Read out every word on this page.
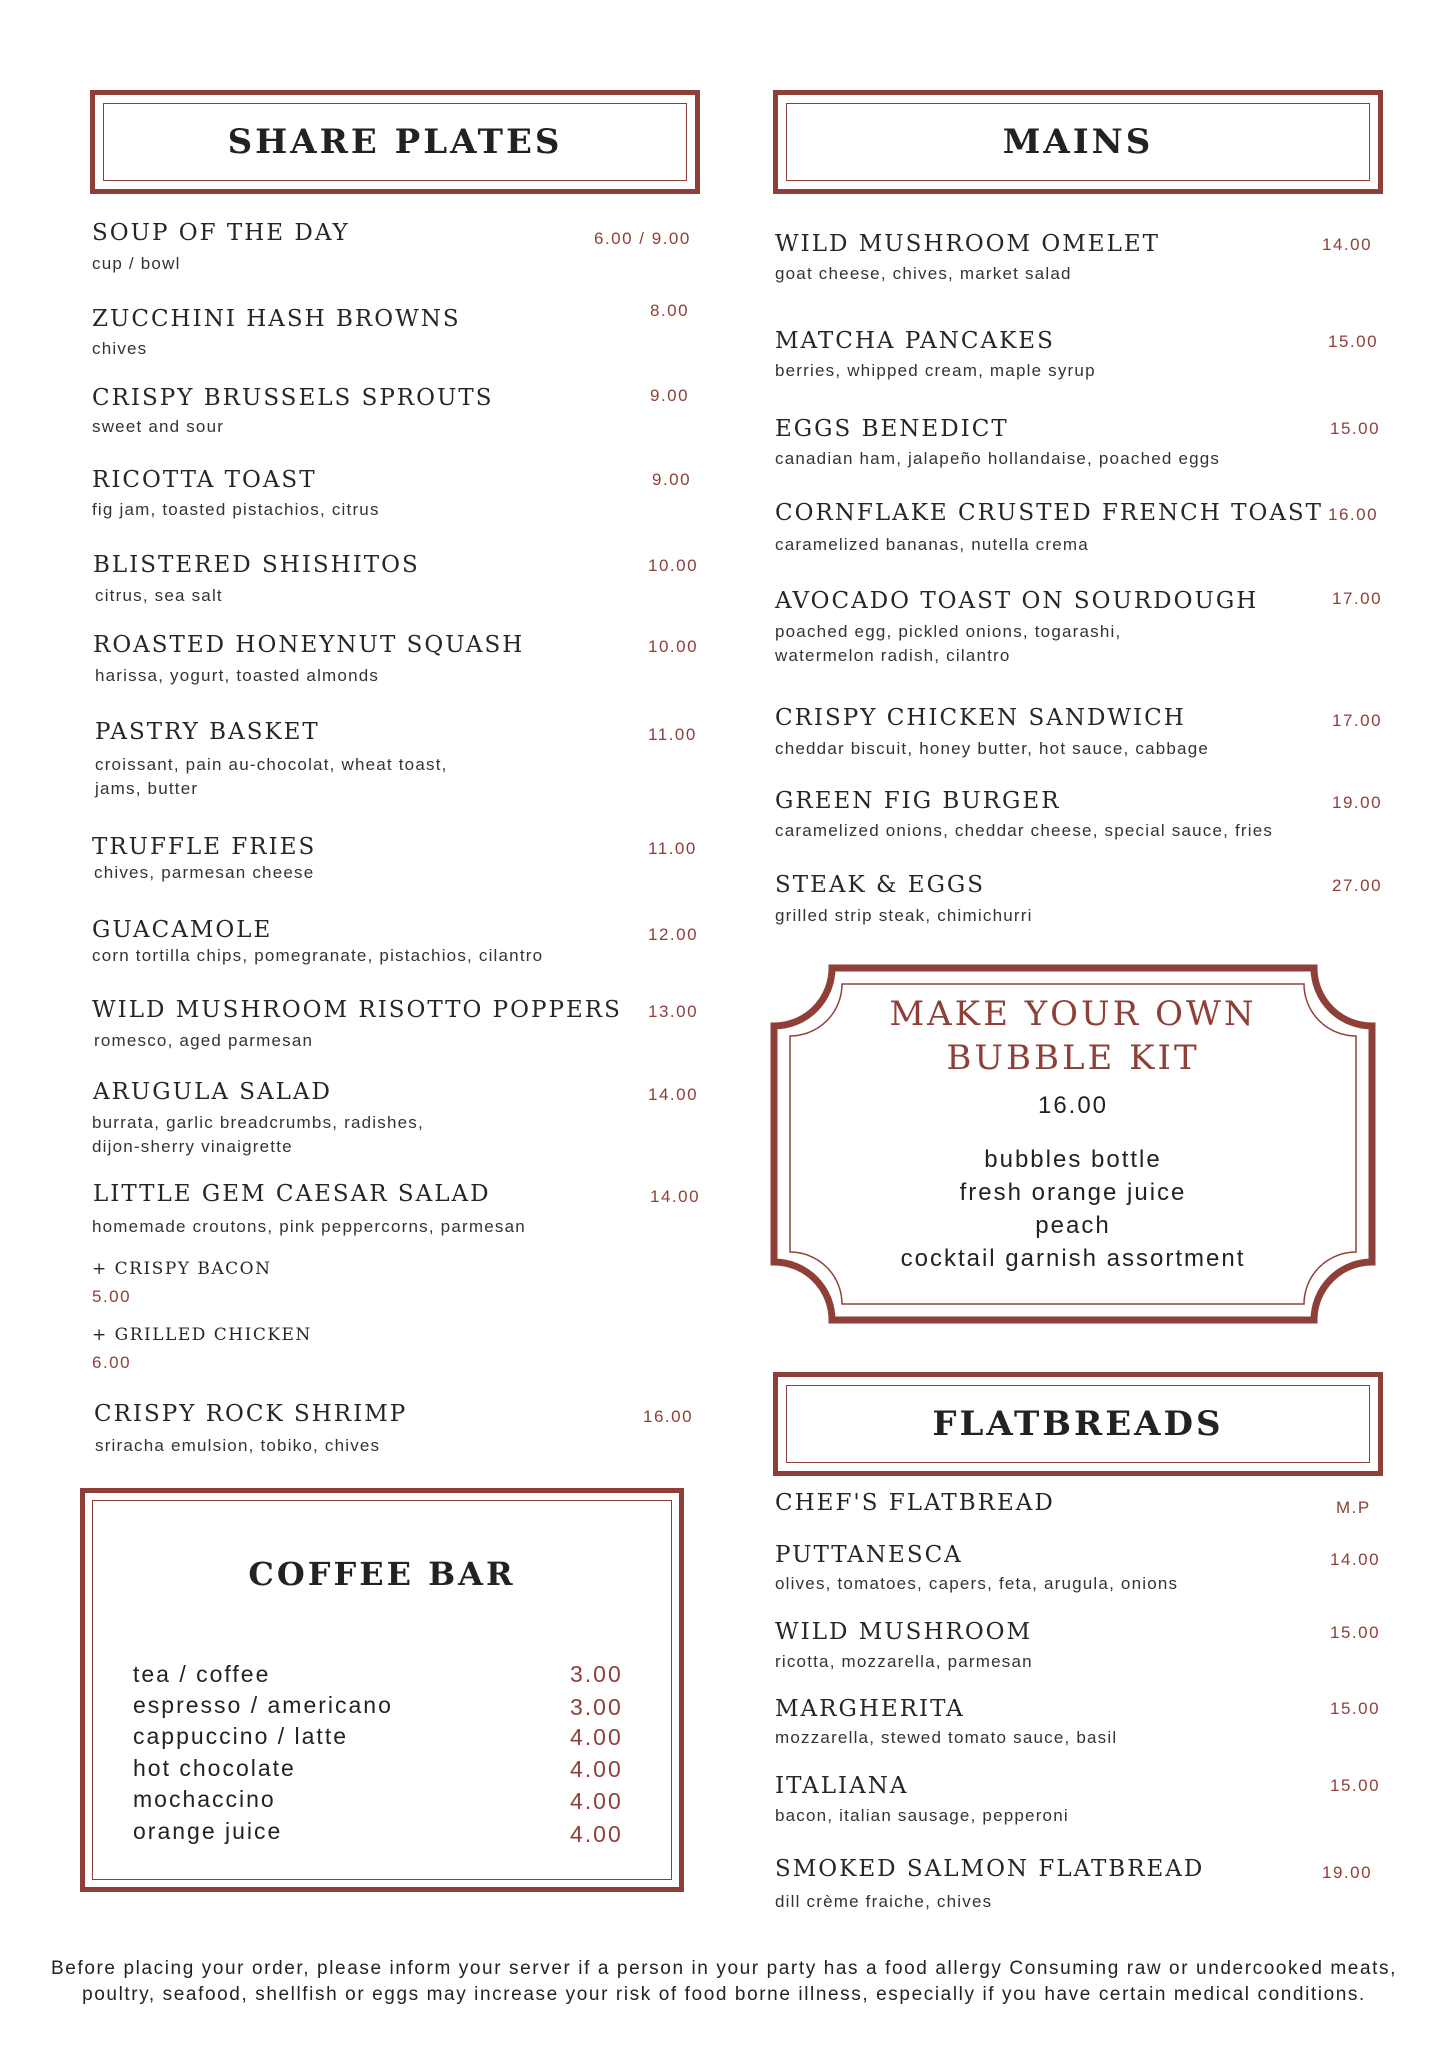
SHARE PLATES	MAINS
SOUP OF THE DAY
cup / bowl
6.00 / 9.00
ZUCCHINI HASH BROWNS
chives
8.00
CRISPY BRUSSELS SPROUTS
sweet and sour
9.00
RICOTTA TOAST
fig jam, toasted pistachios, citrus
9.00
BLISTERED SHISHITOS
citrus, sea salt
10.00
ROASTED HONEYNUT SQUASH
harissa, yogurt, toasted almonds
10.00
PASTRY BASKET
croissant, pain au-chocolat, wheat toast,
jams, butter
11.00
TRUFFLE FRIES
chives, parmesan cheese
11.00
GUACAMOLE
corn tortilla chips, pomegranate, pistachios, cilantro
12.00
WILD MUSHROOM RISOTTO POPPERS
romesco, aged parmesan
13.00
ARUGULA SALAD
burrata, garlic breadcrumbs, radishes,
dijon-sherry vinaigrette
14.00
LITTLE GEM CAESAR SALAD
homemade croutons, pink peppercorns, parmesan
14.00
+ CRISPY BACON
5.00
+ GRILLED CHICKEN
6.00
CRISPY ROCK SHRIMP
sriracha emulsion, tobiko, chives
16.00
WILD MUSHROOM OMELET
goat cheese, chives, market salad
14.00
MATCHA PANCAKES
berries, whipped cream, maple syrup
15.00
EGGS BENEDICT
canadian ham, jalapeño hollandaise, poached eggs
15.00
CORNFLAKE CRUSTED FRENCH TOAST
caramelized bananas, nutella crema
16.00
AVOCADO TOAST ON SOURDOUGH
poached egg, pickled onions, togarashi,
watermelon radish, cilantro
17.00
CRISPY CHICKEN SANDWICH
cheddar biscuit, honey butter, hot sauce, cabbage
17.00
GREEN FIG BURGER
caramelized onions, cheddar cheese, special sauce, fries
19.00
STEAK & EGGS
grilled strip steak, chimichurri
27.00
MAKE YOUR OWN
BUBBLE KIT
16.00
bubbles bottle
fresh orange juice
peach
cocktail garnish assortment
FLATBREADS
CHEF'S FLATBREAD	M.P
PUTTANESCA
olives, tomatoes, capers, feta, arugula, onions
14.00
WILD MUSHROOM
ricotta, mozzarella, parmesan
15.00
MARGHERITA
mozzarella, stewed tomato sauce, basil
15.00
ITALIANA
bacon, italian sausage, pepperoni
15.00
SMOKED SALMON FLATBREAD
dill crème fraiche, chives
19.00
COFFEE BAR
tea / coffee	3.00
espresso / americano	3.00
cappuccino / latte	4.00
hot chocolate	4.00
mochaccino	4.00
orange juice	4.00
Before placing your order, please inform your server if a person in your party has a food allergy Consuming raw or undercooked meats,
poultry, seafood, shellfish or eggs may increase your risk of food borne illness, especially if you have certain medical conditions.
